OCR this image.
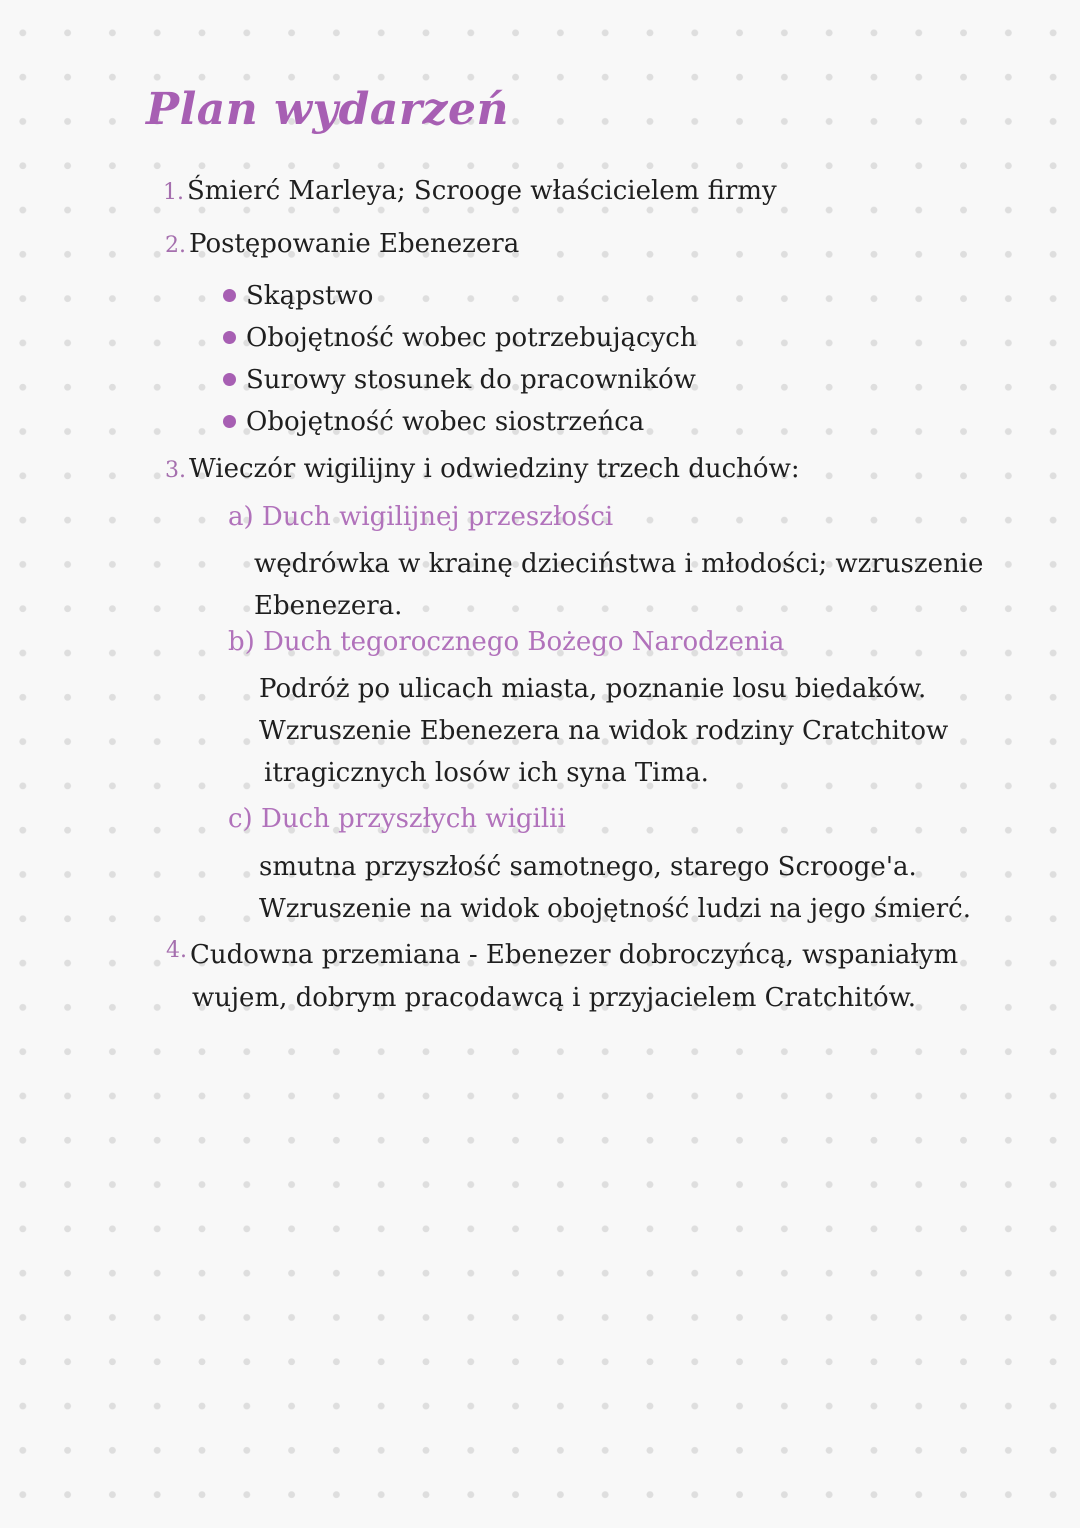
Plan wydarzeń
1. Śmierć Marleya; Scrooge właścicielem firmy
2. Postępowanie Ebenezera
Skąpstwo
Obojętność wobec potrzebujących
Surowy stosunek do pracowników
Obojętność wobec siostrzeńca
3. Wieczór wigilijny i odwiedziny trzech duchów:
a) Duch wigilijnej przeszłości
wędrówka w krainę dzieciństwa i młodości; wzruszenie
Ebenezera.
b) Duch tegorocznego Bożego Narodzenia
Podróż po ulicach miasta, poznanie losu biedaków.
Wzruszenie Ebenezera na widok rodziny Cratchitow
itragicznych losów ich syna Tima.
c) Duch przyszłych wigilii
smutna przyszłość samotnego, starego Scrooge'a.
Wzruszenie na widok obojętność ludzi na jego śmierć.
$^{4.}$ Cudowna przemiana - Ebenezer dobroczyńcą, wspaniałym
wujem, dobrym pracodawcą i przyjacielem Cratchitów.
